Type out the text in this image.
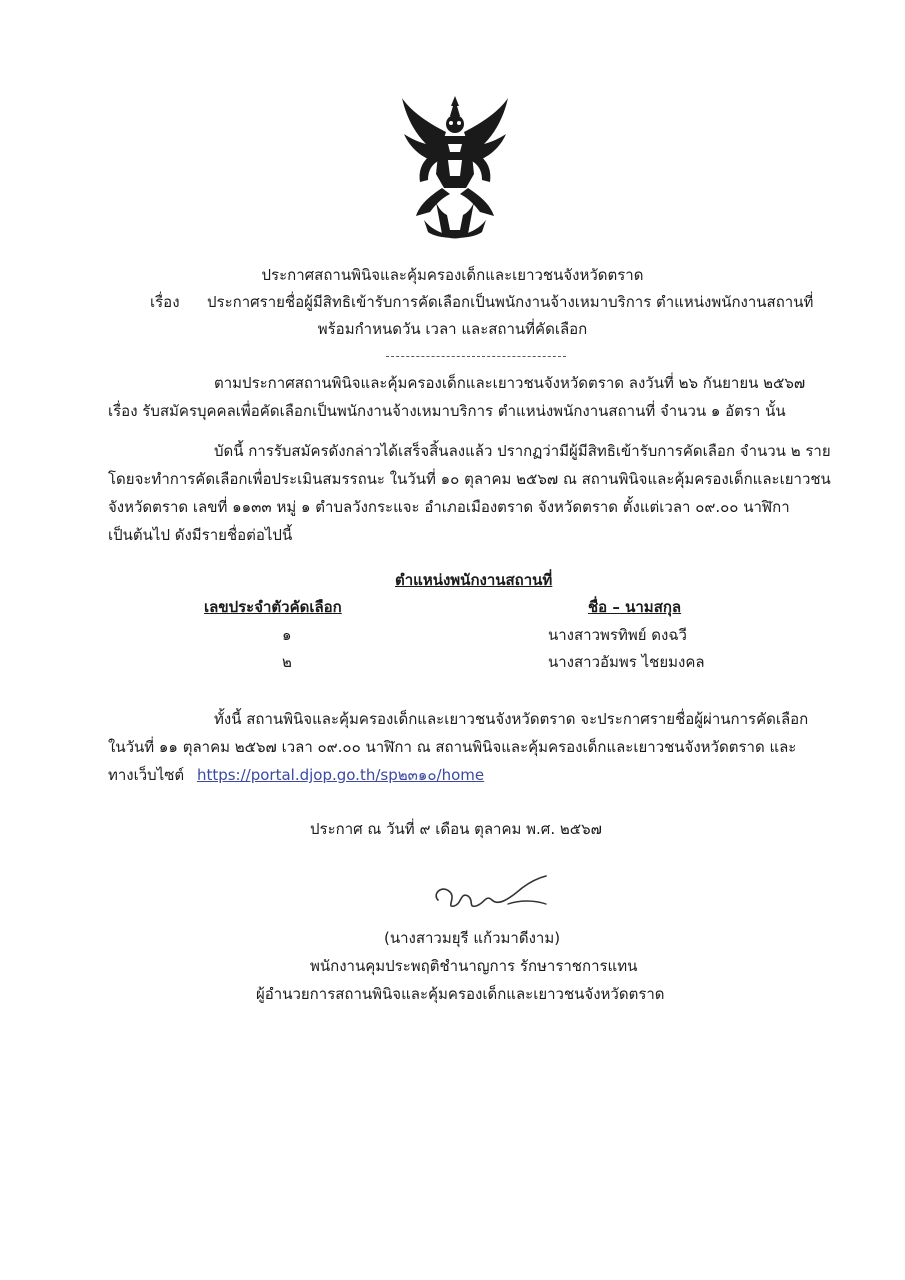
ประกาศสถานพินิจและคุ้มครองเด็กและเยาวชนจังหวัดตราด
เรื่อง ประกาศรายชื่อผู้มีสิทธิเข้ารับการคัดเลือกเป็นพนักงานจ้างเหมาบริการ ตำแหน่งพนักงานสถานที่
พร้อมกำหนดวัน เวลา และสถานที่คัดเลือก
ตามประกาศสถานพินิจและคุ้มครองเด็กและเยาวชนจังหวัดตราด ลงวันที่ ๒๖ กันยายน ๒๕๖๗
เรื่อง รับสมัครบุคคลเพื่อคัดเลือกเป็นพนักงานจ้างเหมาบริการ ตำแหน่งพนักงานสถานที่ จำนวน ๑ อัตรา นั้น
บัดนี้ การรับสมัครดังกล่าวได้เสร็จสิ้นลงแล้ว ปรากฏว่ามีผู้มีสิทธิเข้ารับการคัดเลือก จำนวน ๒ ราย
โดยจะทำการคัดเลือกเพื่อประเมินสมรรถนะ ในวันที่ ๑๐ ตุลาคม ๒๕๖๗ ณ สถานพินิจและคุ้มครองเด็กและเยาวชน
จังหวัดตราด เลขที่ ๑๑๓๓ หมู่ ๑ ตำบลวังกระแจะ อำเภอเมืองตราด จังหวัดตราด ตั้งแต่เวลา ๐๙.๐๐ นาฬิกา
เป็นต้นไป ดังมีรายชื่อต่อไปนี้
ตำแหน่งพนักงานสถานที่
เลขประจำตัวคัดเลือก	ชื่อ – นามสกุล
๑	นางสาวพรทิพย์ ดงฉวี
๒	นางสาวอัมพร ไชยมงคล
ทั้งนี้ สถานพินิจและคุ้มครองเด็กและเยาวชนจังหวัดตราด จะประกาศรายชื่อผู้ผ่านการคัดเลือก
ในวันที่ ๑๑ ตุลาคม ๒๕๖๗ เวลา ๐๙.๐๐ นาฬิกา ณ สถานพินิจและคุ้มครองเด็กและเยาวชนจังหวัดตราด และ
ทางเว็บไซต์ https://portal.djop.go.th/sp๒๓๑๐/home
ประกาศ ณ วันที่ ๙ เดือน ตุลาคม พ.ศ. ๒๕๖๗
(นางสาวมยุรี แก้วมาดีงาม)
พนักงานคุมประพฤติชำนาญการ รักษาราชการแทน
ผู้อำนวยการสถานพินิจและคุ้มครองเด็กและเยาวชนจังหวัดตราด
